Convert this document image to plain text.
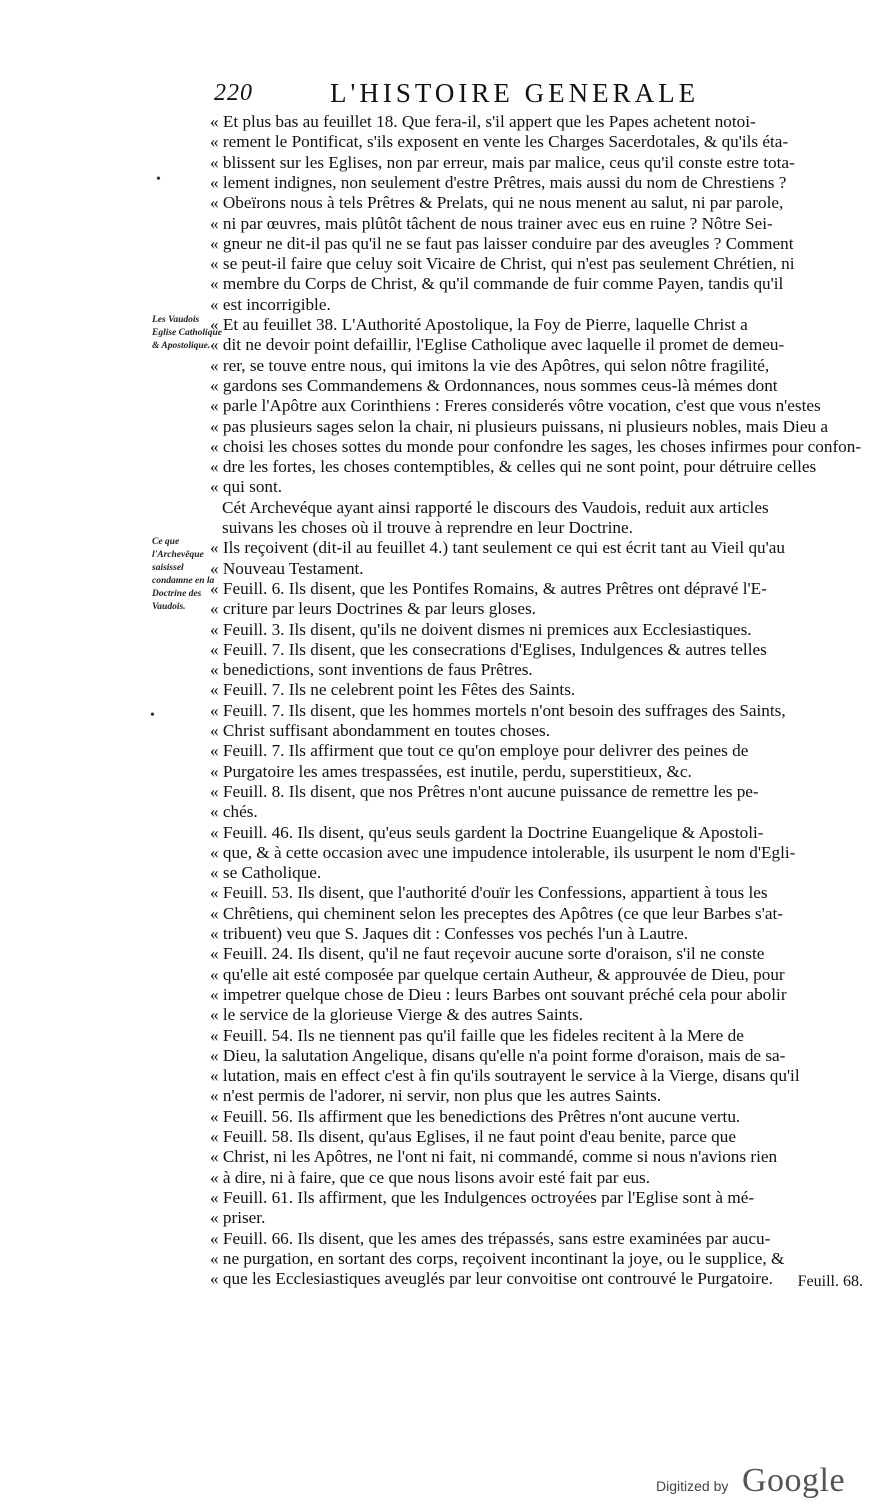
220	L'HISTOIRE GENERALE
Les Vaudois Eglise Catholique & Apostolique.
Ce que l'Archevêque saisissel condamne en la Doctrine des Vaudois.
« Et plus bas au feuillet 18. Que fera-il, s'il appert que les Papes achetent notoi-
« rement le Pontificat, s'ils exposent en vente les Charges Sacerdotales, & qu'ils éta-
« blissent sur les Eglises, non par erreur, mais par malice, ceus qu'il conste estre tota-
« lement indignes, non seulement d'estre Prêtres, mais aussi du nom de Chrestiens ?
« Obeïrons nous à tels Prêtres & Prelats, qui ne nous menent au salut, ni par parole,
« ni par œuvres, mais plûtôt tâchent de nous trainer avec eus en ruine ? Nôtre Sei-
« gneur ne dit-il pas qu'il ne se faut pas laisser conduire par des aveugles ? Comment
« se peut-il faire que celuy soit Vicaire de Christ, qui n'est pas seulement Chrétien, ni
« membre du Corps de Christ, & qu'il commande de fuir comme Payen, tandis qu'il
« est incorrigible.
« Et au feuillet 38. L'Authorité Apostolique, la Foy de Pierre, laquelle Christ a
« dit ne devoir point defaillir, l'Eglise Catholique avec laquelle il promet de demeu-
« rer, se touve entre nous, qui imitons la vie des Apôtres, qui selon nôtre fragilité,
« gardons ses Commandemens & Ordonnances, nous sommes ceus-là mémes dont
« parle l'Apôtre aux Corinthiens : Freres considerés vôtre vocation, c'est que vous n'estes
« pas plusieurs sages selon la chair, ni plusieurs puissans, ni plusieurs nobles, mais Dieu a
« choisi les choses sottes du monde pour confondre les sages, les choses infirmes pour confon-
« dre les fortes, les choses contemptibles, & celles qui ne sont point, pour détruire celles
« qui sont.
Cét Archevéque ayant ainsi rapporté le discours des Vaudois, reduit aux articles
suivans les choses où il trouve à reprendre en leur Doctrine.
« Ils reçoivent (dit-il au feuillet 4.) tant seulement ce qui est écrit tant au Vieil qu'au
« Nouveau Testament.
« Feuill. 6. Ils disent, que les Pontifes Romains, & autres Prêtres ont dépravé l'E-
« criture par leurs Doctrines & par leurs gloses.
« Feuill. 3. Ils disent, qu'ils ne doivent dismes ni premices aux Ecclesiastiques.
« Feuill. 7. Ils disent, que les consecrations d'Eglises, Indulgences & autres telles
« benedictions, sont inventions de faus Prêtres.
« Feuill. 7. Ils ne celebrent point les Fêtes des Saints.
« Feuill. 7. Ils disent, que les hommes mortels n'ont besoin des suffrages des Saints,
« Christ suffisant abondamment en toutes choses.
« Feuill. 7. Ils affirment que tout ce qu'on employe pour delivrer des peines de
« Purgatoire les ames trespassées, est inutile, perdu, superstitieux, &c.
« Feuill. 8. Ils disent, que nos Prêtres n'ont aucune puissance de remettre les pe-
« chés.
« Feuill. 46. Ils disent, qu'eus seuls gardent la Doctrine Euangelique & Apostoli-
« que, & à cette occasion avec une impudence intolerable, ils usurpent le nom d'Egli-
« se Catholique.
« Feuill. 53. Ils disent, que l'authorité d'ouïr les Confessions, appartient à tous les
« Chrêtiens, qui cheminent selon les preceptes des Apôtres (ce que leur Barbes s'at-
« tribuent) veu que S. Jaques dit : Confesses vos pechés l'un à Lautre.
« Feuill. 24. Ils disent, qu'il ne faut reçevoir aucune sorte d'oraison, s'il ne conste
« qu'elle ait esté composée par quelque certain Autheur, & approuvée de Dieu, pour
« impetrer quelque chose de Dieu : leurs Barbes ont souvant préché cela pour abolir
« le service de la glorieuse Vierge & des autres Saints.
« Feuill. 54. Ils ne tiennent pas qu'il faille que les fideles recitent à la Mere de
« Dieu, la salutation Angelique, disans qu'elle n'a point forme d'oraison, mais de sa-
« lutation, mais en effect c'est à fin qu'ils soutrayent le service à la Vierge, disans qu'il
« n'est permis de l'adorer, ni servir, non plus que les autres Saints.
« Feuill. 56. Ils affirment que les benedictions des Prêtres n'ont aucune vertu.
« Feuill. 58. Ils disent, qu'aus Eglises, il ne faut point d'eau benite, parce que
« Christ, ni les Apôtres, ne l'ont ni fait, ni commandé, comme si nous n'avions rien
« à dire, ni à faire, que ce que nous lisons avoir esté fait par eus.
« Feuill. 61. Ils affirment, que les Indulgences octroyées par l'Eglise sont à mé-
« priser.
« Feuill. 66. Ils disent, que les ames des trépassés, sans estre examinées par aucu-
« ne purgation, en sortant des corps, reçoivent incontinant la joye, ou le supplice, &
« que les Ecclesiastiques aveuglés par leur convoitise ont controuvé le Purgatoire.	Feuill. 68.
•
•
Digitized by Google
